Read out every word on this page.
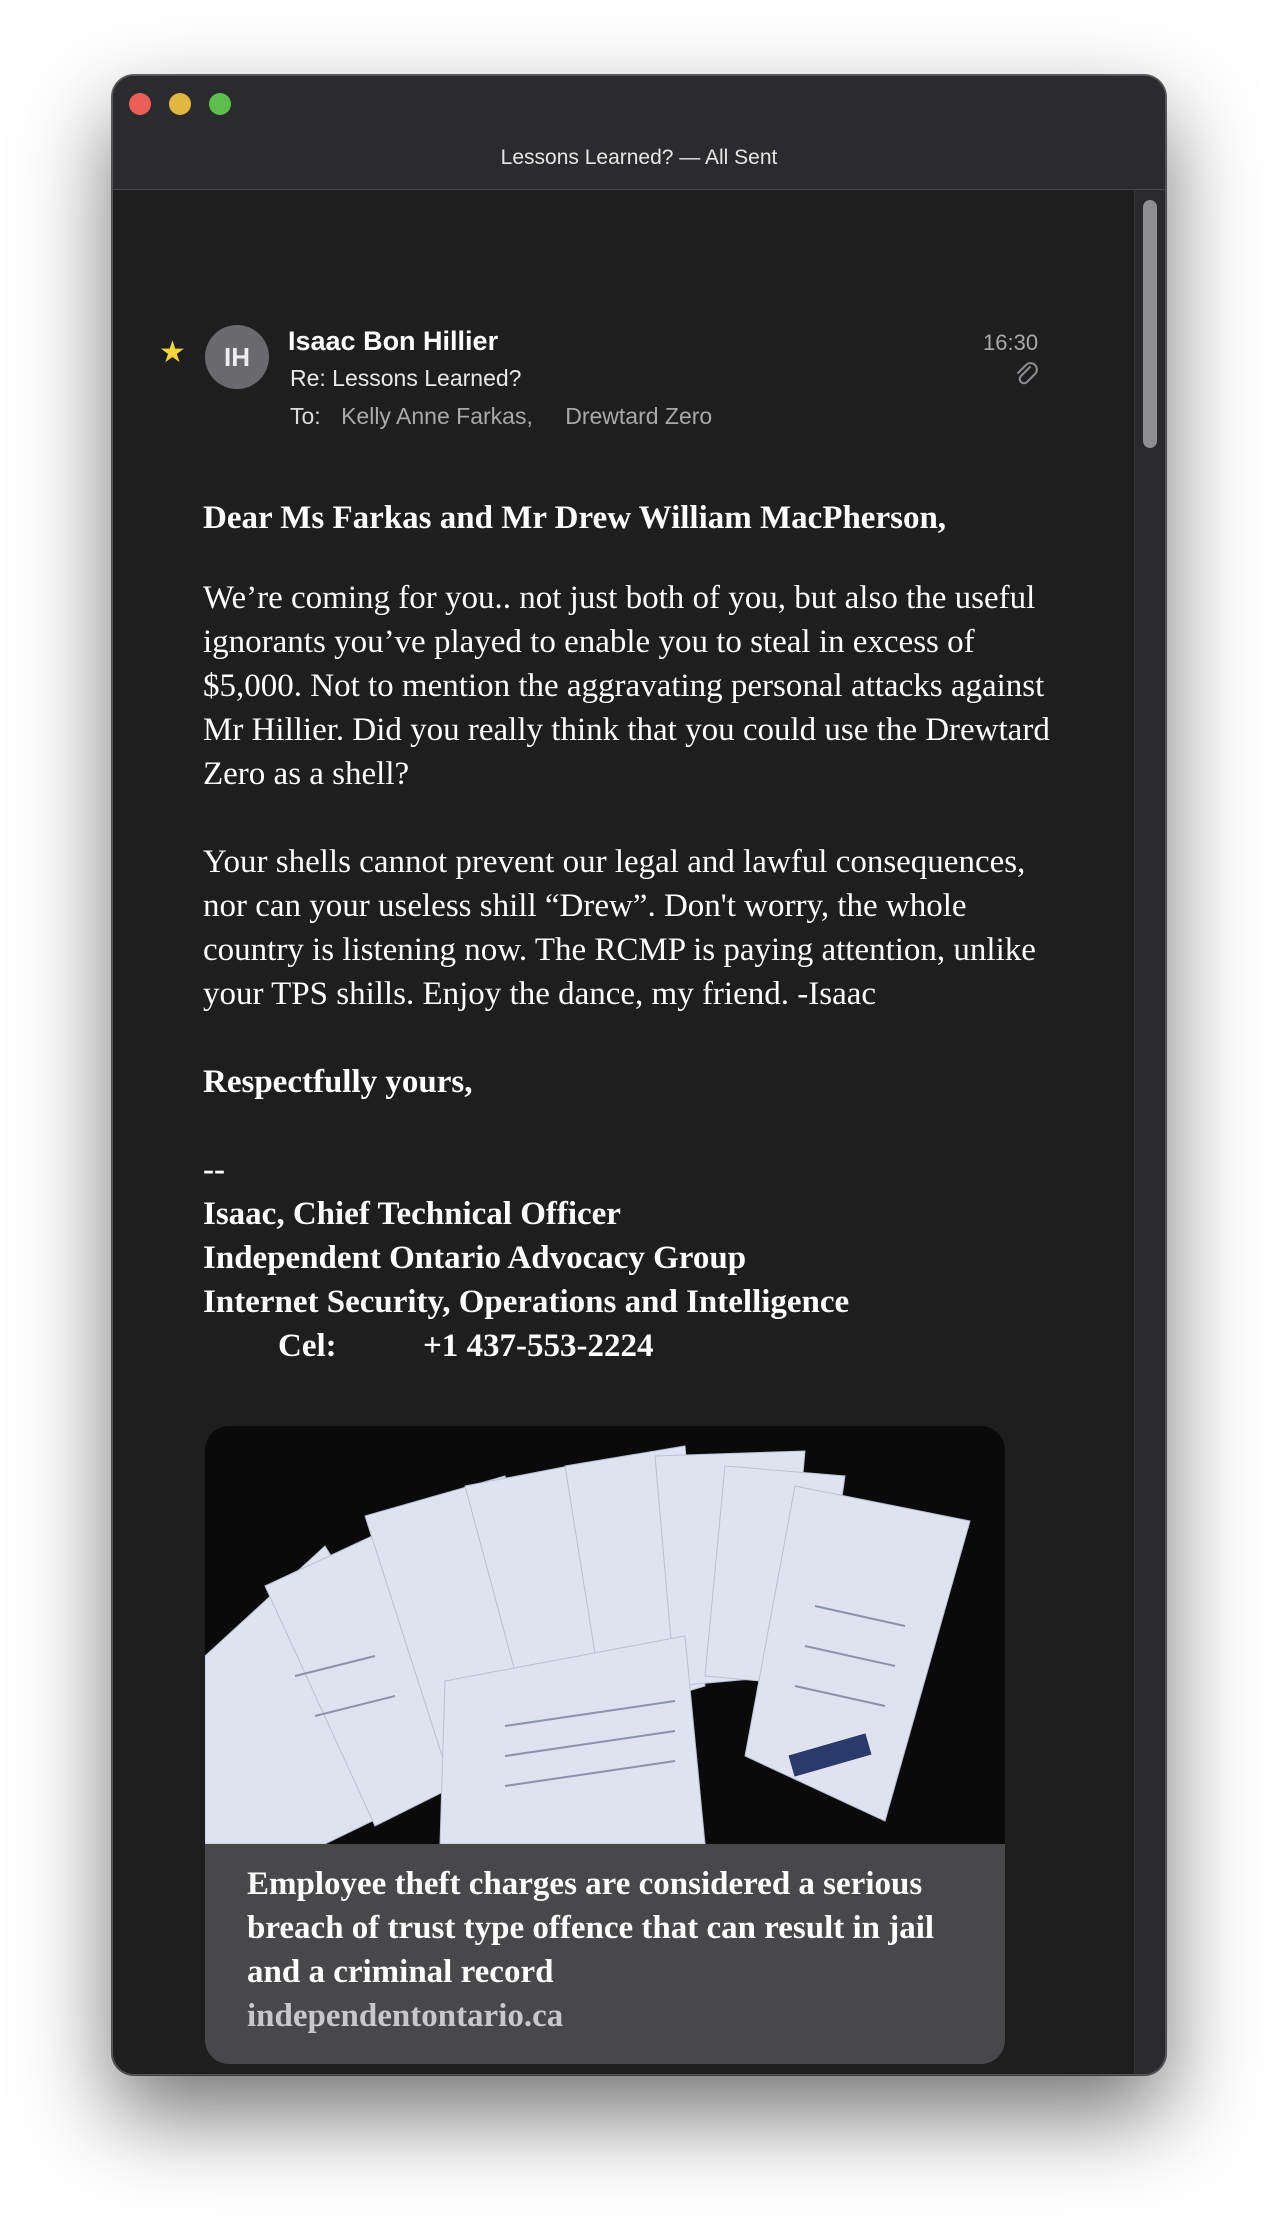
Lessons Learned? — All Sent
★	IH
Isaac Bon Hillier
Re: Lessons Learned?
To: Kelly Anne Farkas, Drewtard Zero
16:30
Dear Ms Farkas and Mr Drew William MacPherson,
We’re coming for you.. not just both of you, but also the useful ignorants you’ve played to enable you to steal in excess of $5,000. Not to mention the aggravating personal attacks against Mr Hillier. Did you really think that you could use the Drewtard Zero as a shell?
Your shells cannot prevent our legal and lawful consequences, nor can your useless shill “Drew”. Don't worry, the whole country is listening now. The RCMP is paying attention, unlike your TPS shills. Enjoy the dance, my friend. -Isaac
Respectfully yours,
--
Isaac, Chief Technical Officer
Independent Ontario Advocacy Group
Internet Security, Operations and Intelligence
Cel:	+1 437-553-2224
Employee theft charges are considered a serious breach of trust type offence that can result in jail and a criminal record
independentontario.ca
